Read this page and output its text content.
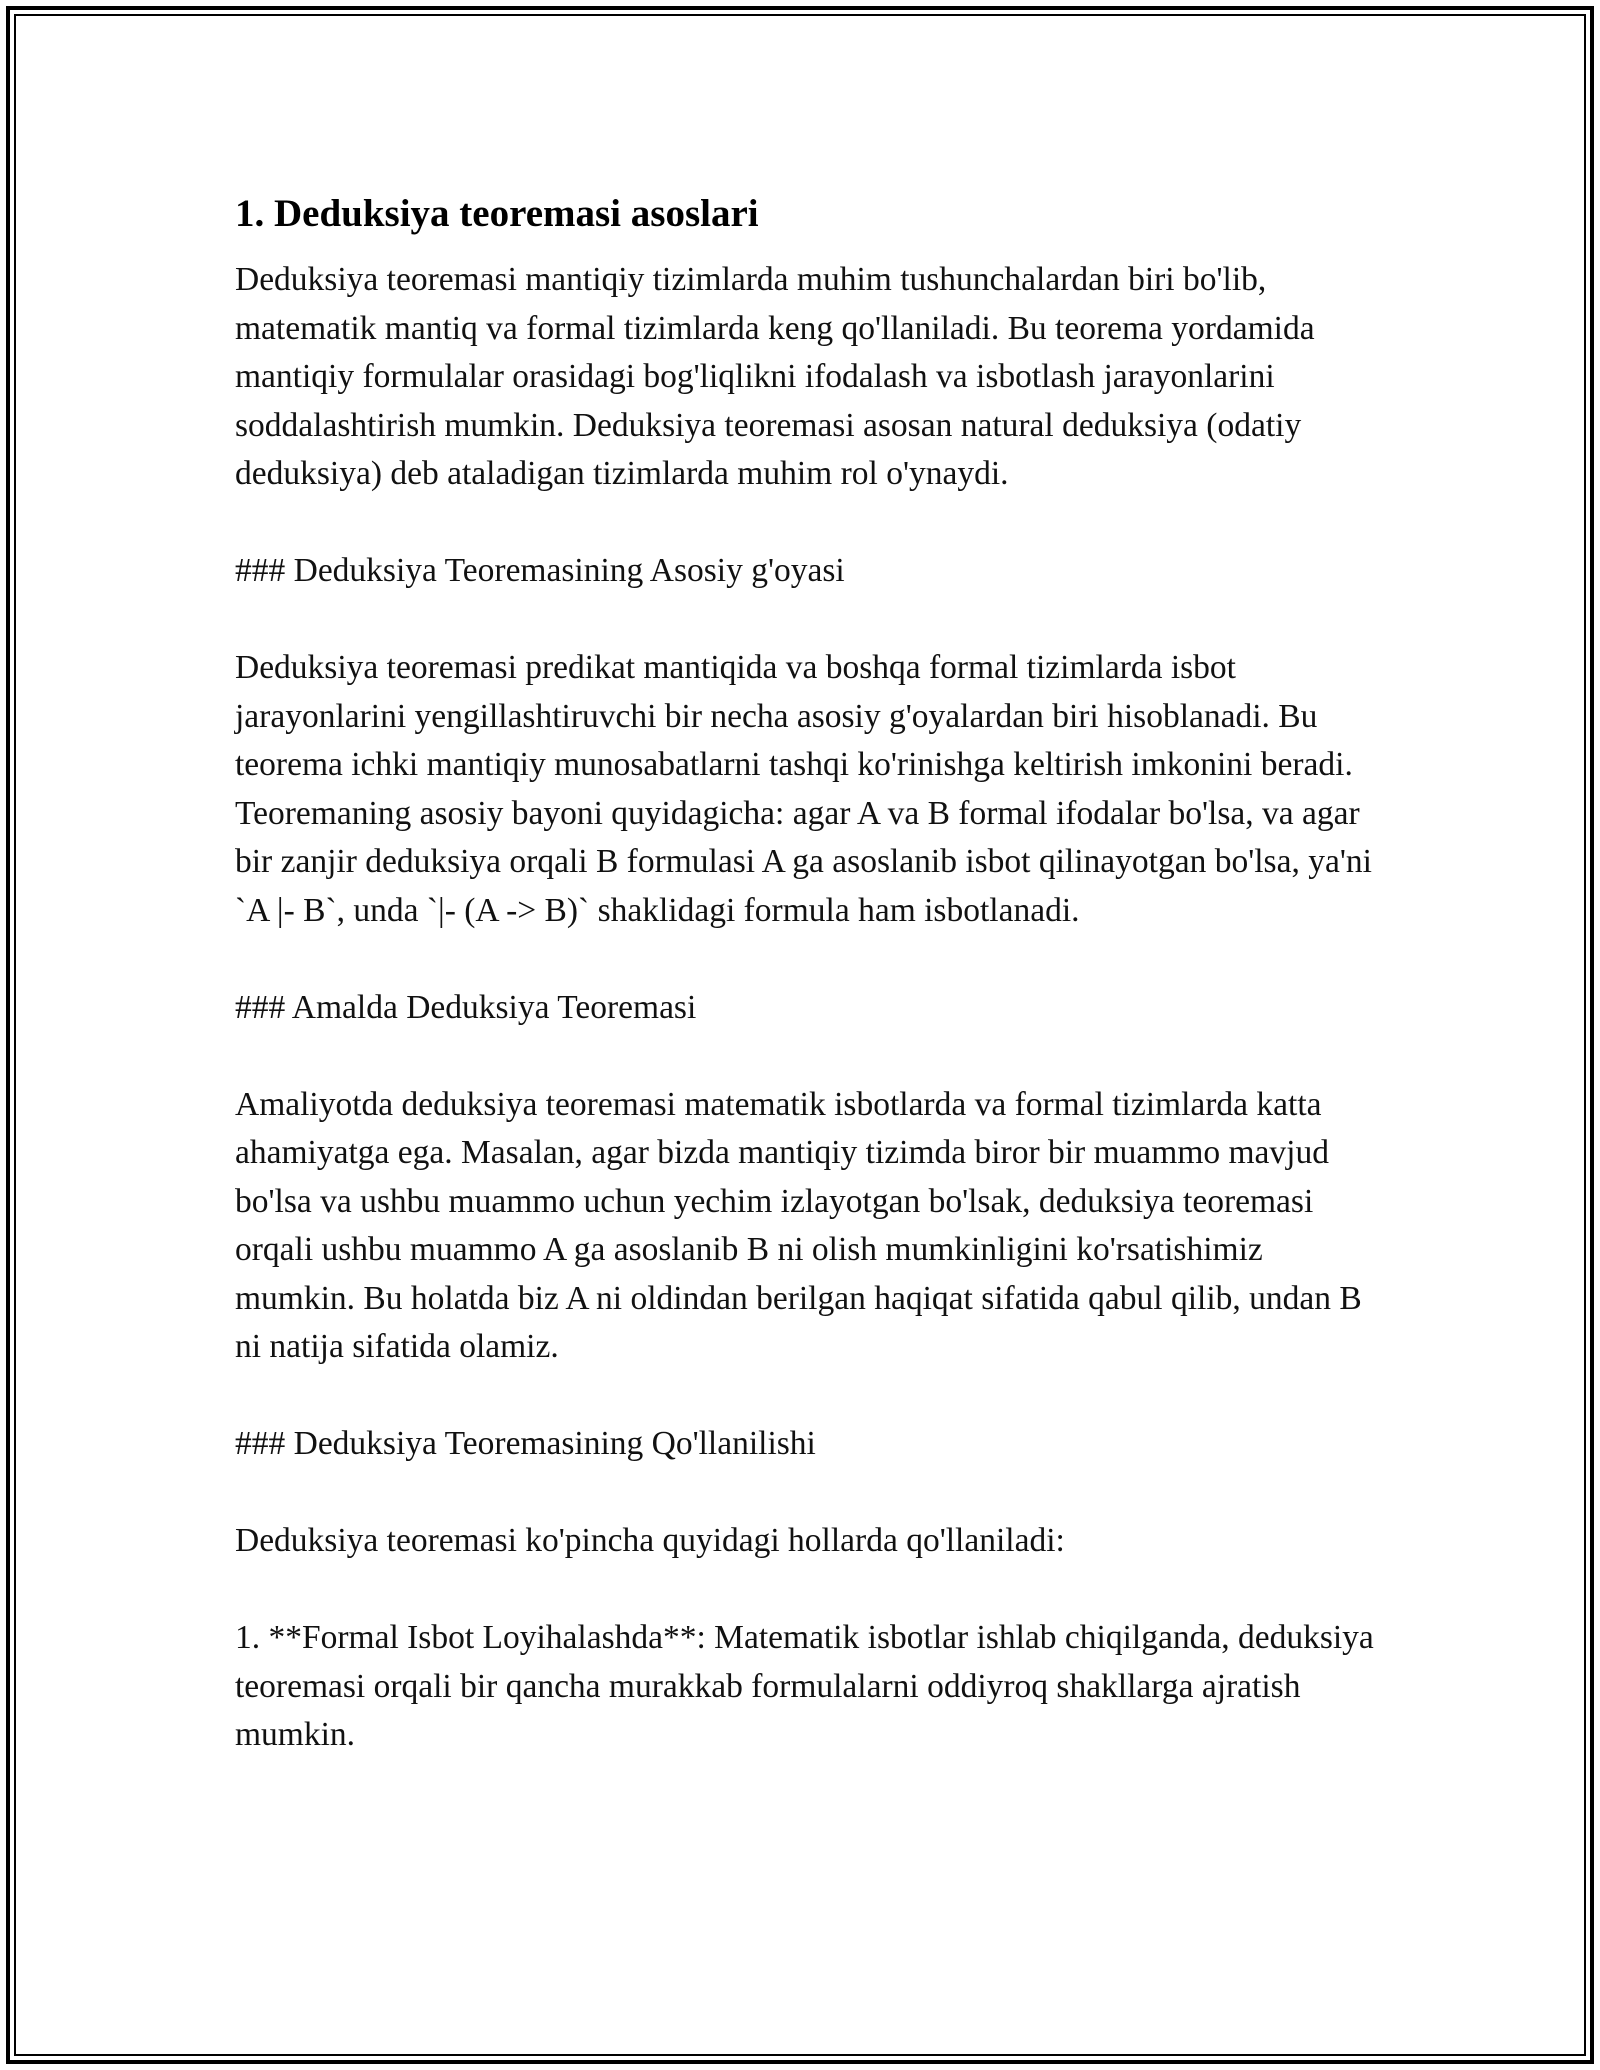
1. Deduksiya teoremasi asoslari

Deduksiya teoremasi mantiqiy tizimlarda muhim tushunchalardan biri bo'lib, matematik mantiq va formal tizimlarda keng qo'llaniladi. Bu teorema yordamida mantiqiy formulalar orasidagi bog'liqlikni ifodalash va isbotlash jarayonlarini soddalashtirish mumkin. Deduksiya teoremasi asosan natural deduksiya (odatiy deduksiya) deb ataladigan tizimlarda muhim rol o'ynaydi.

### Deduksiya Teoremasining Asosiy g'oyasi

Deduksiya teoremasi predikat mantiqida va boshqa formal tizimlarda isbot jarayonlarini yengillashtiruvchi bir necha asosiy g'oyalardan biri hisoblanadi. Bu teorema ichki mantiqiy munosabatlarni tashqi ko'rinishga keltirish imkonini beradi. Teoremaning asosiy bayoni quyidagicha: agar A va B formal ifodalar bo'lsa, va agar bir zanjir deduksiya orqali B formulasi A ga asoslanib isbot qilinayotgan bo'lsa, ya'ni `A |- B`, unda `|- (A -> B)` shaklidagi formula ham isbotlanadi.

### Amalda Deduksiya Teoremasi

Amaliyotda deduksiya teoremasi matematik isbotlarda va formal tizimlarda katta ahamiyatga ega. Masalan, agar bizda mantiqiy tizimda biror bir muammo mavjud bo'lsa va ushbu muammo uchun yechim izlayotgan bo'lsak, deduksiya teoremasi orqali ushbu muammo A ga asoslanib B ni olish mumkinligini ko'rsatishimiz mumkin. Bu holatda biz A ni oldindan berilgan haqiqat sifatida qabul qilib, undan B ni natija sifatida olamiz.

### Deduksiya Teoremasining Qo'llanilishi

Deduksiya teoremasi ko'pincha quyidagi hollarda qo'llaniladi:

1. **Formal Isbot Loyihalashda**: Matematik isbotlar ishlab chiqilganda, deduksiya teoremasi orqali bir qancha murakkab formulalarni oddiyroq shakllarga ajratish mumkin.
